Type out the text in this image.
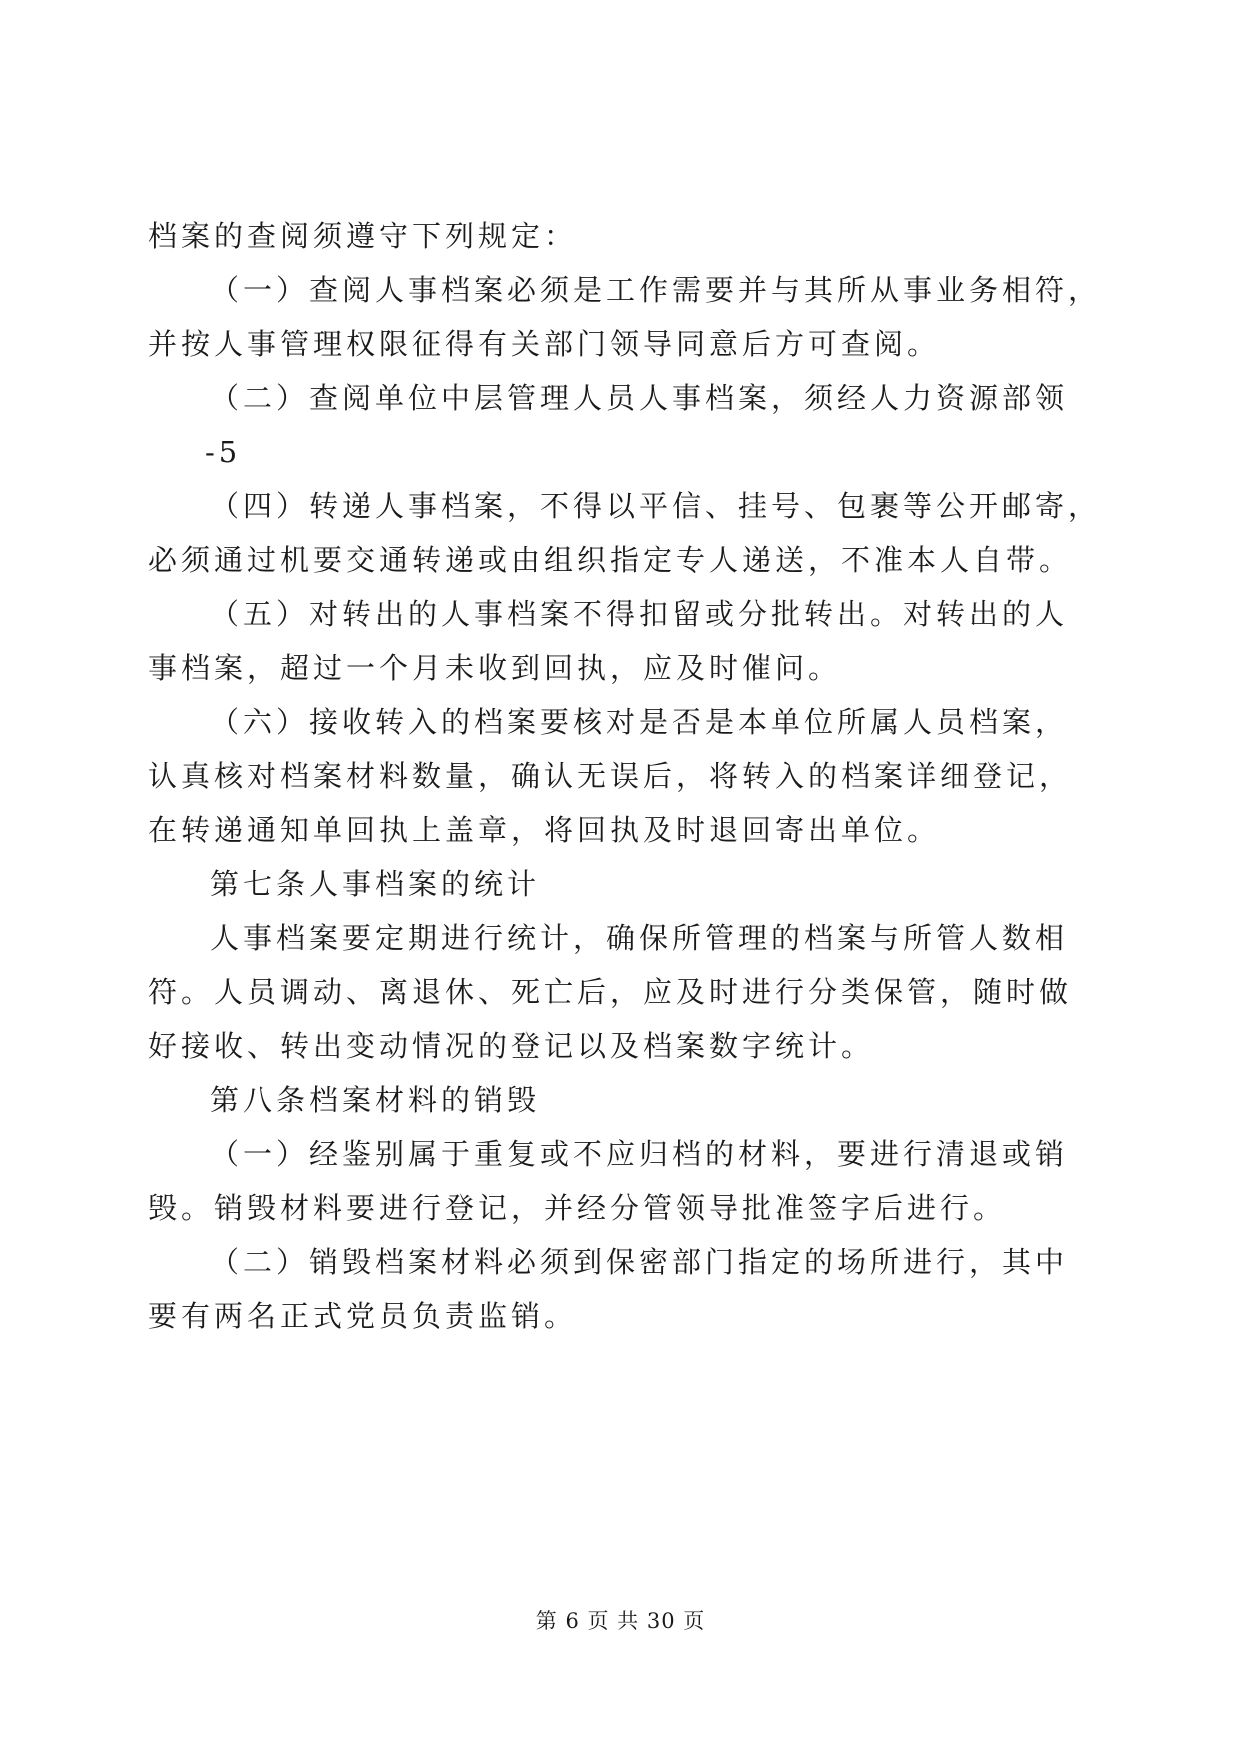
档案的查阅须遵守下列规定：

（一）查阅人事档案必须是工作需要并与其所从事业务相符，

并按人事管理权限征得有关部门领导同意后方可查阅。

（二）查阅单位中层管理人员人事档案，须经人力资源部领

-5

（四）转递人事档案，不得以平信、挂号、包裹等公开邮寄，

必须通过机要交通转递或由组织指定专人递送，不准本人自带。

（五）对转出的人事档案不得扣留或分批转出。对转出的人

事档案，超过一个月未收到回执，应及时催问。

（六）接收转入的档案要核对是否是本单位所属人员档案，

认真核对档案材料数量，确认无误后，将转入的档案详细登记，

在转递通知单回执上盖章，将回执及时退回寄出单位。

第七条人事档案的统计

人事档案要定期进行统计，确保所管理的档案与所管人数相

符。人员调动、离退休、死亡后，应及时进行分类保管，随时做

好接收、转出变动情况的登记以及档案数字统计。

第八条档案材料的销毁

（一）经鉴别属于重复或不应归档的材料，要进行清退或销

毁。销毁材料要进行登记，并经分管领导批准签字后进行。

（二）销毁档案材料必须到保密部门指定的场所进行，其中

要有两名正式党员负责监销。

第 6 页 共 30 页
